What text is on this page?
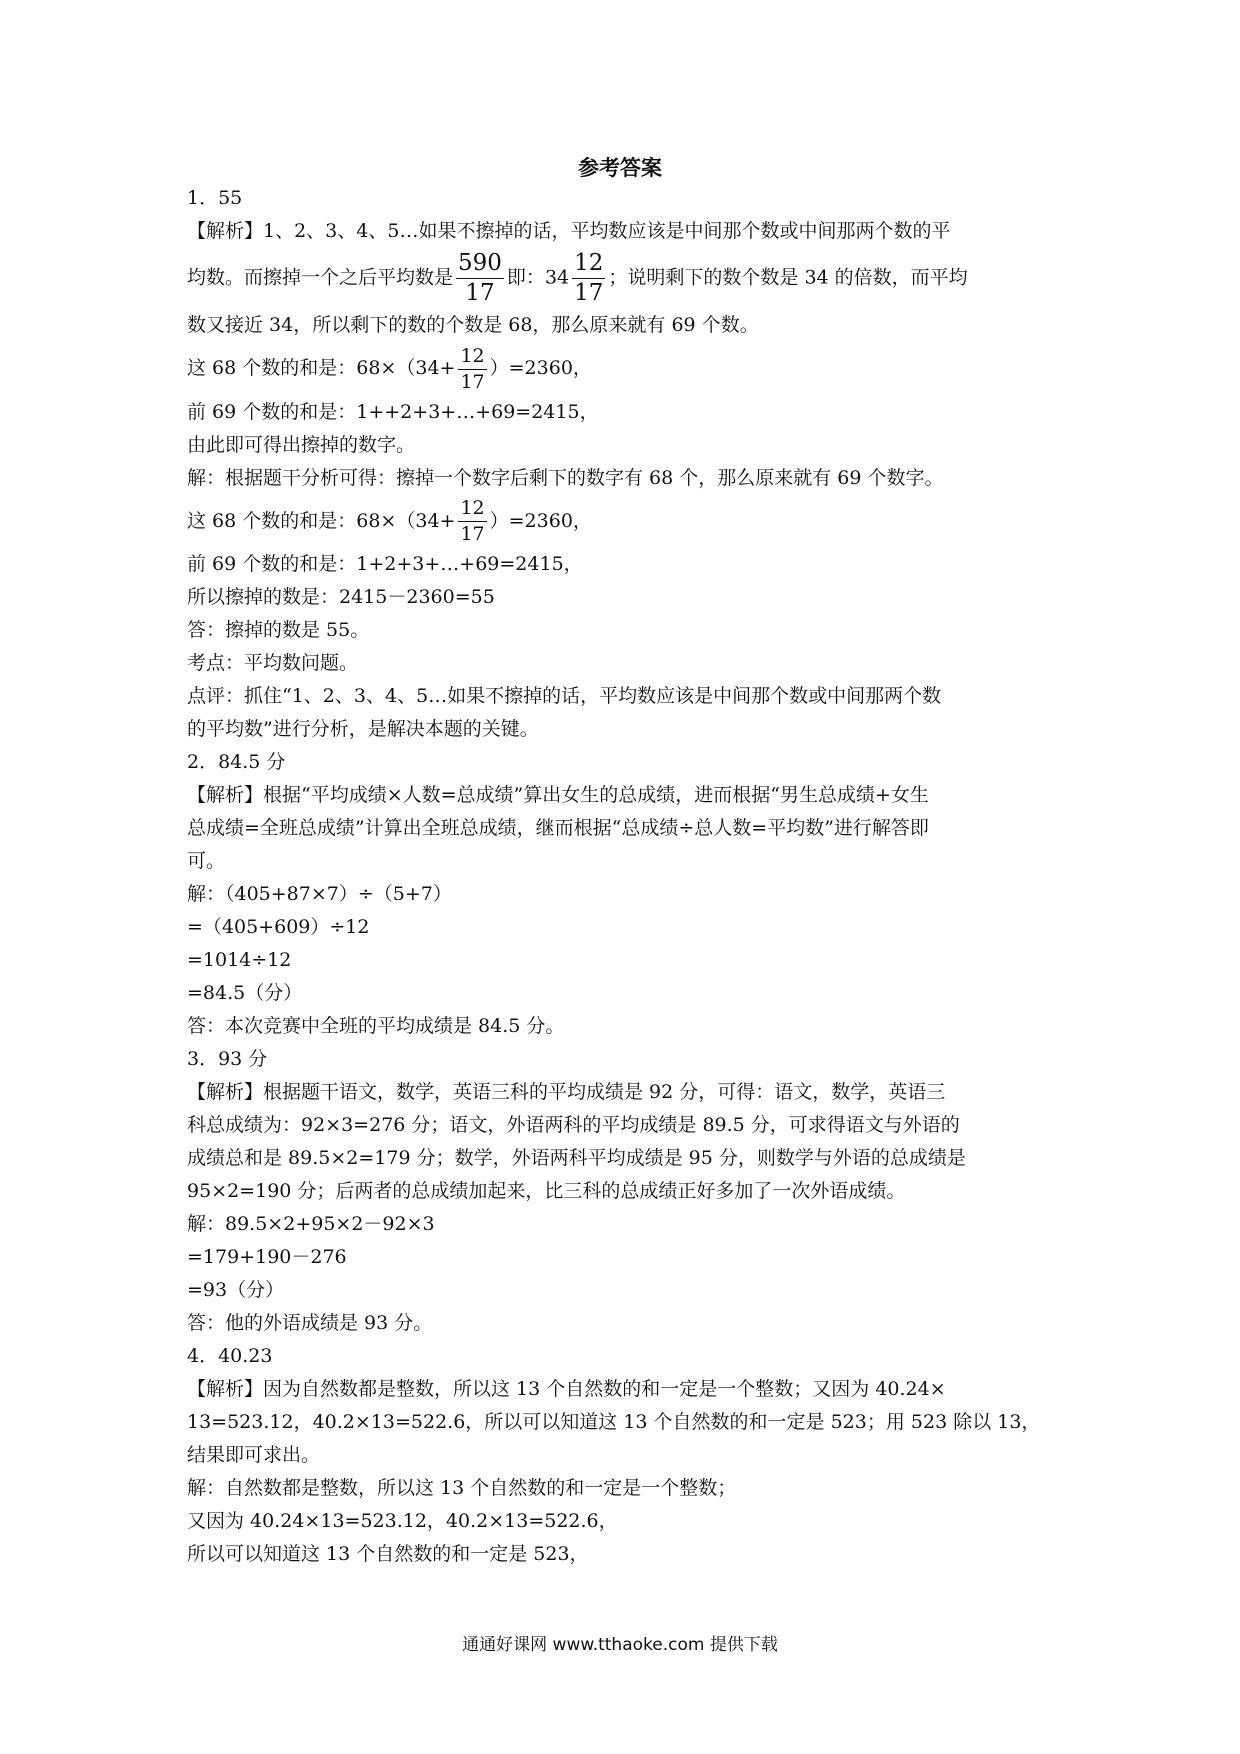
参考答案

1．55

【解析】1、2、3、4、5…如果不擦掉的话，平均数应该是中间那个数或中间那两个数的平

均数。而擦掉一个之后平均数是 $\frac{590}{17}$ 即：$34 \frac{12}{17}$ ；说明剩下的数个数是 34 的倍数，而平均

数又接近 34，所以剩下的数的个数是 68，那么原来就有 69 个数。

这 68 个数的和是：$68\times(34+ \frac{12}{17} )=2360$，

前 69 个数的和是：1++2+3+…+69=2415，

由此即可得出擦掉的数字。

解：根据题干分析可得：擦掉一个数字后剩下的数字有 68 个，那么原来就有 69 个数字。

这 68 个数的和是：$68\times(34+ \frac{12}{17} )=2360$，

前 69 个数的和是：1+2+3+…+69=2415，

所以擦掉的数是：2415－2360=55

答：擦掉的数是 55。

考点：平均数问题。

点评：抓住“1、2、3、4、5…如果不擦掉的话，平均数应该是中间那个数或中间那两个数

的平均数”进行分析，是解决本题的关键。

2．84.5 分

【解析】根据“平均成绩×人数=总成绩”算出女生的总成绩，进而根据“男生总成绩+女生

总成绩=全班总成绩”计算出全班总成绩，继而根据“总成绩÷总人数=平均数”进行解答即

可。

解：（405+87×7）÷（5+7）

=（405+609）÷12

=1014÷12

=84.5（分）

答：本次竞赛中全班的平均成绩是 84.5 分。

3．93 分

【解析】根据题干语文，数学，英语三科的平均成绩是 92 分，可得：语文，数学，英语三

科总成绩为：92×3=276 分；语文，外语两科的平均成绩是 89.5 分，可求得语文与外语的

成绩总和是 89.5×2=179 分；数学，外语两科平均成绩是 95 分，则数学与外语的总成绩是

95×2=190 分；后两者的总成绩加起来，比三科的总成绩正好多加了一次外语成绩。

解：89.5×2+95×2－92×3

=179+190－276

=93（分）

答：他的外语成绩是 93 分。

4．40.23

【解析】因为自然数都是整数，所以这 13 个自然数的和一定是一个整数；又因为 40.24×

13=523.12，40.2×13=522.6，所以可以知道这 13 个自然数的和一定是 523；用 523 除以 13，

结果即可求出。

解：自然数都是整数，所以这 13 个自然数的和一定是一个整数；

又因为 40.24×13=523.12，40.2×13=522.6，

所以可以知道这 13 个自然数的和一定是 523，

通通好课网 www.tthaoke.com 提供下载
